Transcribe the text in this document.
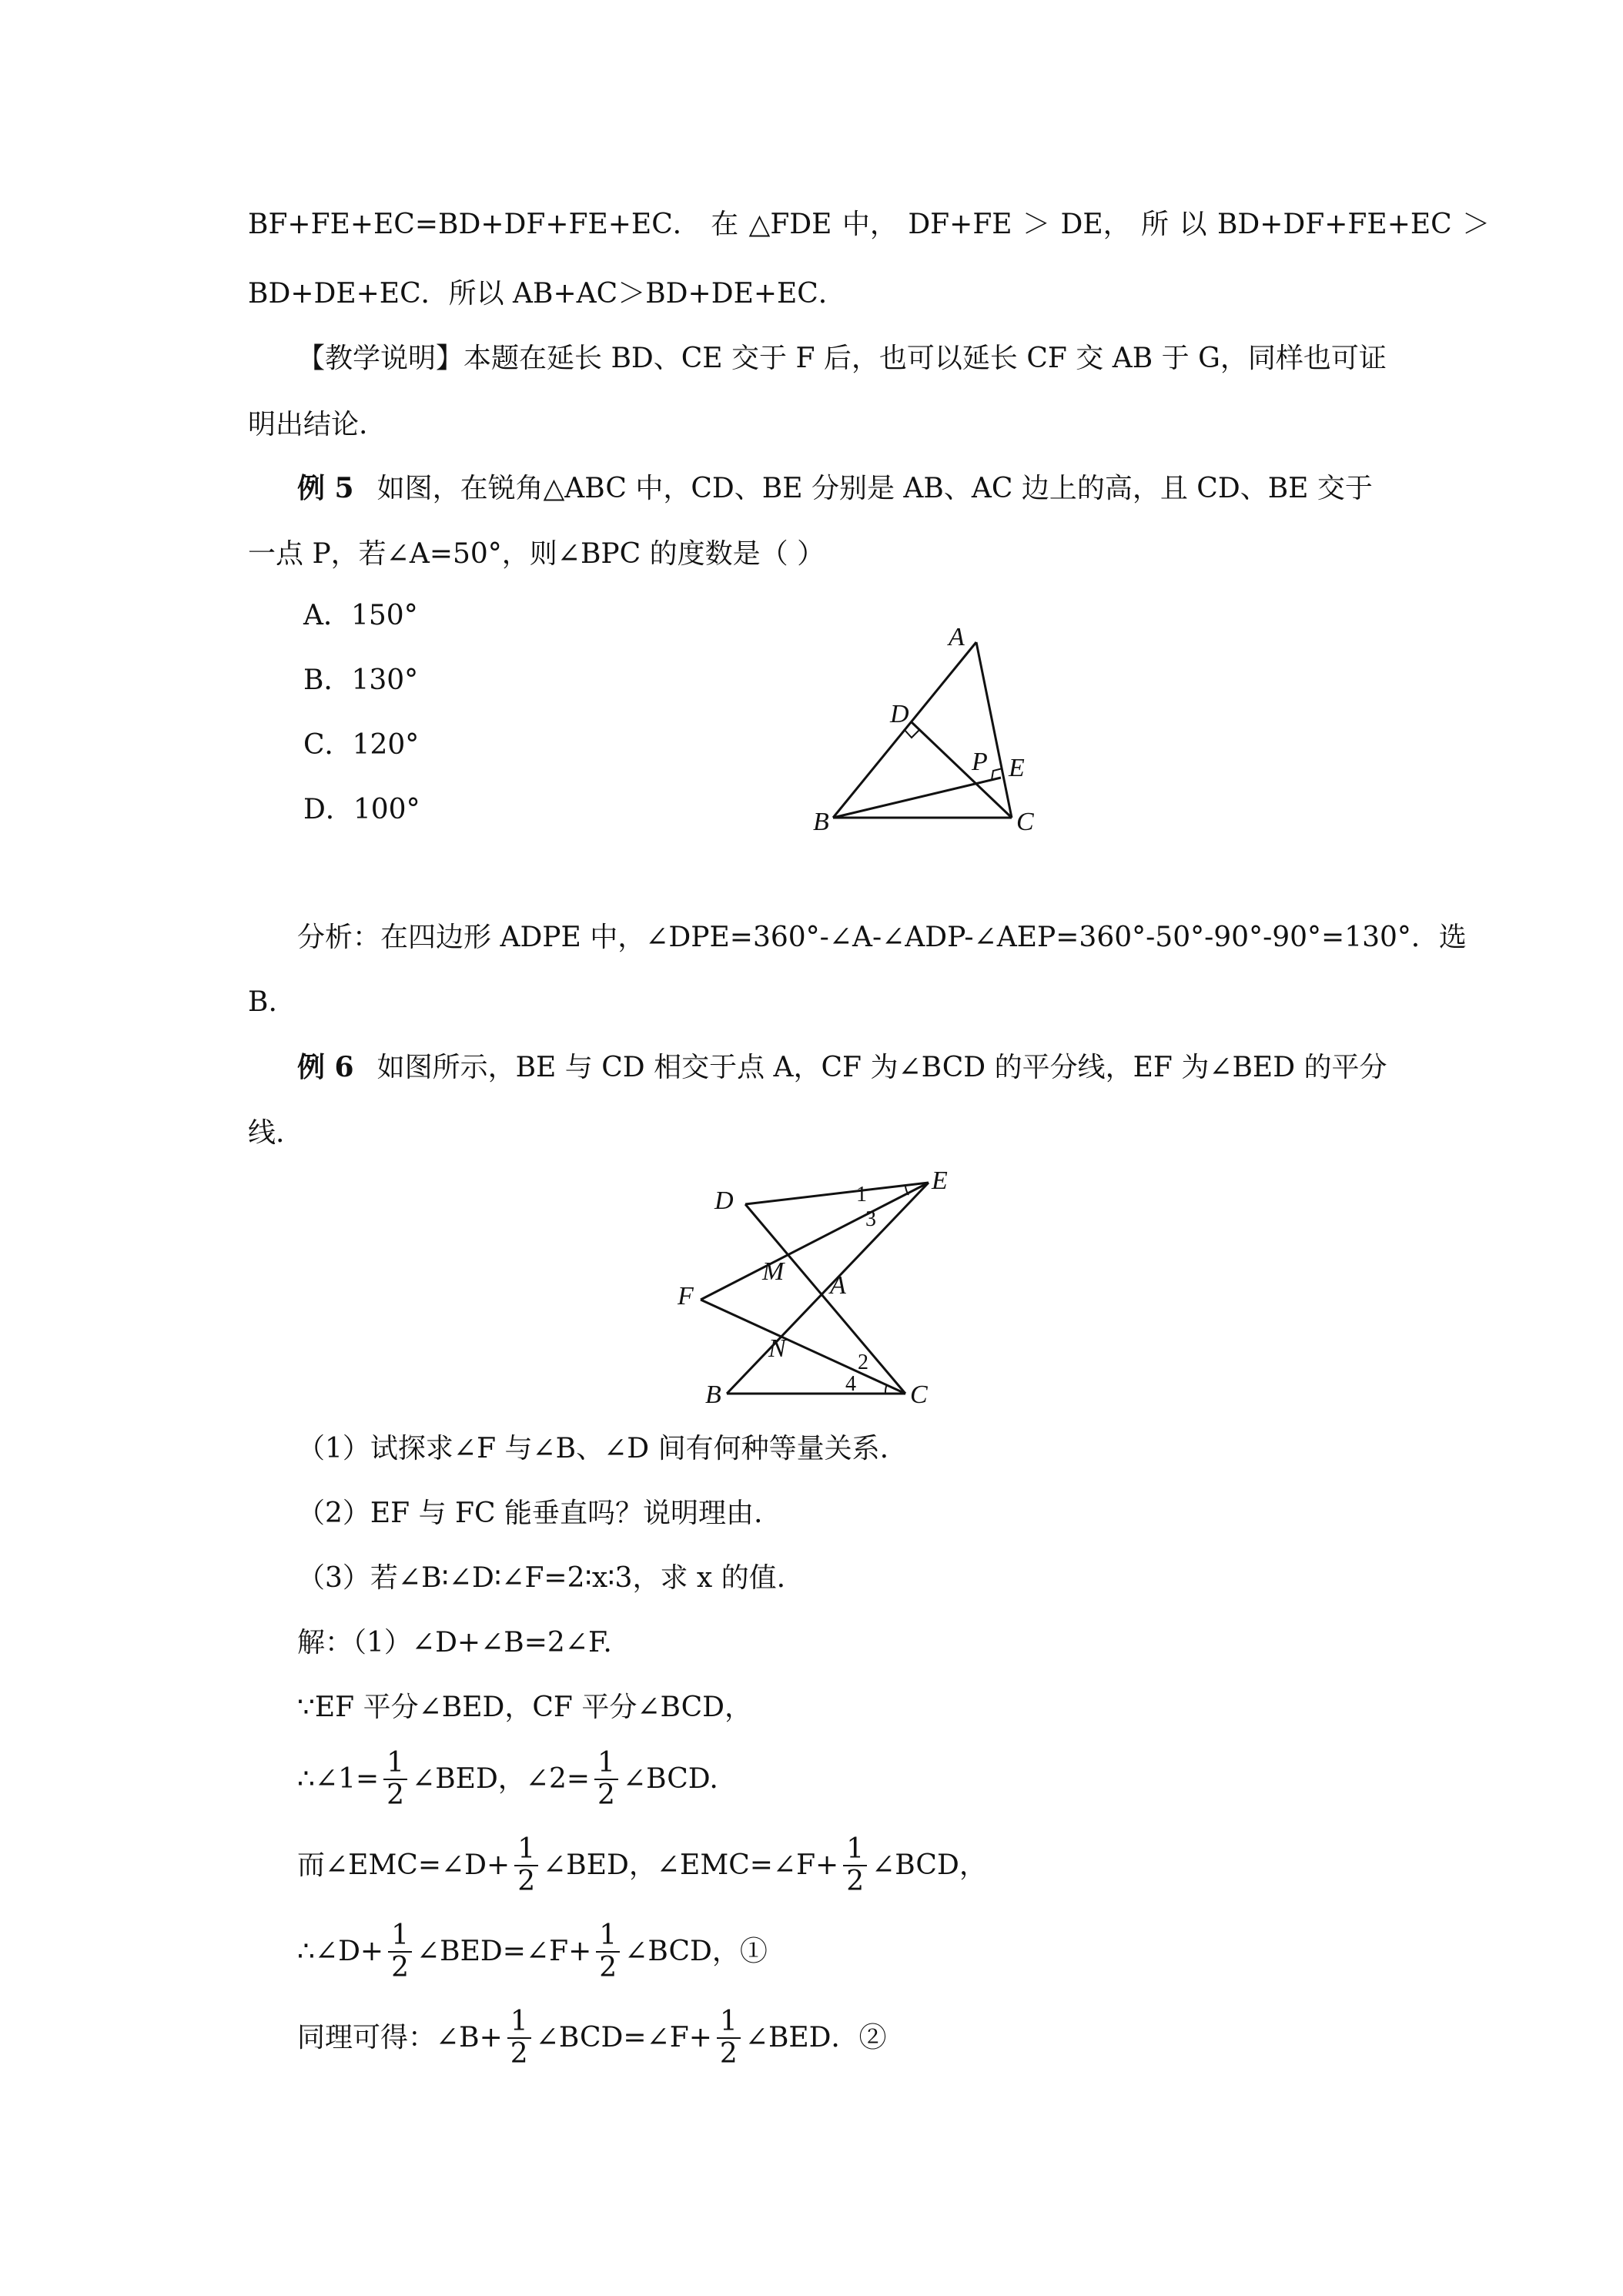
BF+FE+EC=BD+DF+FE+EC． 在 △FDE 中， DF+FE ＞ DE， 所 以 BD+DF+FE+EC ＞
BD+DE+EC．所以 AB+AC＞BD+DE+EC．
【教学说明】本题在延长 BD、CE 交于 F 后，也可以延长 CF 交 AB 于 G，同样也可证
明出结论.
例 5 如图，在锐角△ABC 中，CD、BE 分别是 AB、AC 边上的高，且 CD、BE 交于
一点 P，若∠A=50°，则∠BPC 的度数是（ ）
A．150°
B．130°
C．120°
D．100°
A
D
P E
B	C
分析：在四边形 ADPE 中，∠DPE=360°-∠A-∠ADP-∠AEP=360°-50°-90°-90°=130°．选
B.
例 6 如图所示，BE 与 CD 相交于点 A，CF 为∠BCD 的平分线，EF 为∠BED 的平分
线.
D
E
1
3
M A
F
N	2
4
B	C
（1）试探求∠F 与∠B、∠D 间有何种等量关系.
（2）EF 与 FC 能垂直吗？说明理由.
（3）若∠B∶∠D∶∠F=2∶x∶3，求 x 的值.
解：（1）∠D+∠B=2∠F.
∵EF 平分∠BED，CF 平分∠BCD，
∴∠1= $\frac{1}{2}$ ∠BED，∠2= $\frac{1}{2}$ ∠BCD.
而∠EMC=∠D+ $\frac{1}{2}$ ∠BED，∠EMC=∠F+ $\frac{1}{2}$ ∠BCD，
∴∠D+ $\frac{1}{2}$ ∠BED=∠F+ $\frac{1}{2}$ ∠BCD，①
同理可得：∠B+ $\frac{1}{2}$ ∠BCD=∠F+ $\frac{1}{2}$ ∠BED．②
